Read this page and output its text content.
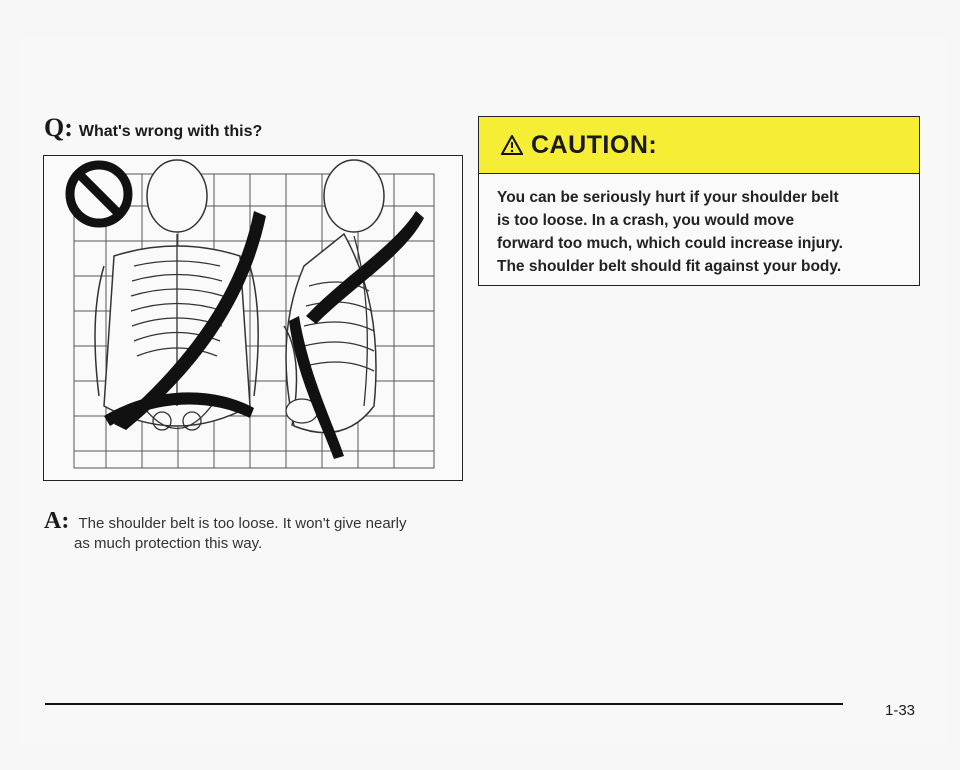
Q: What's wrong with this?
A: The shoulder belt is too loose. It won't give nearly
as much protection this way.
CAUTION:
You can be seriously hurt if your shoulder belt
is too loose. In a crash, you would move
forward too much, which could increase injury.
The shoulder belt should fit against your body.
1-33
